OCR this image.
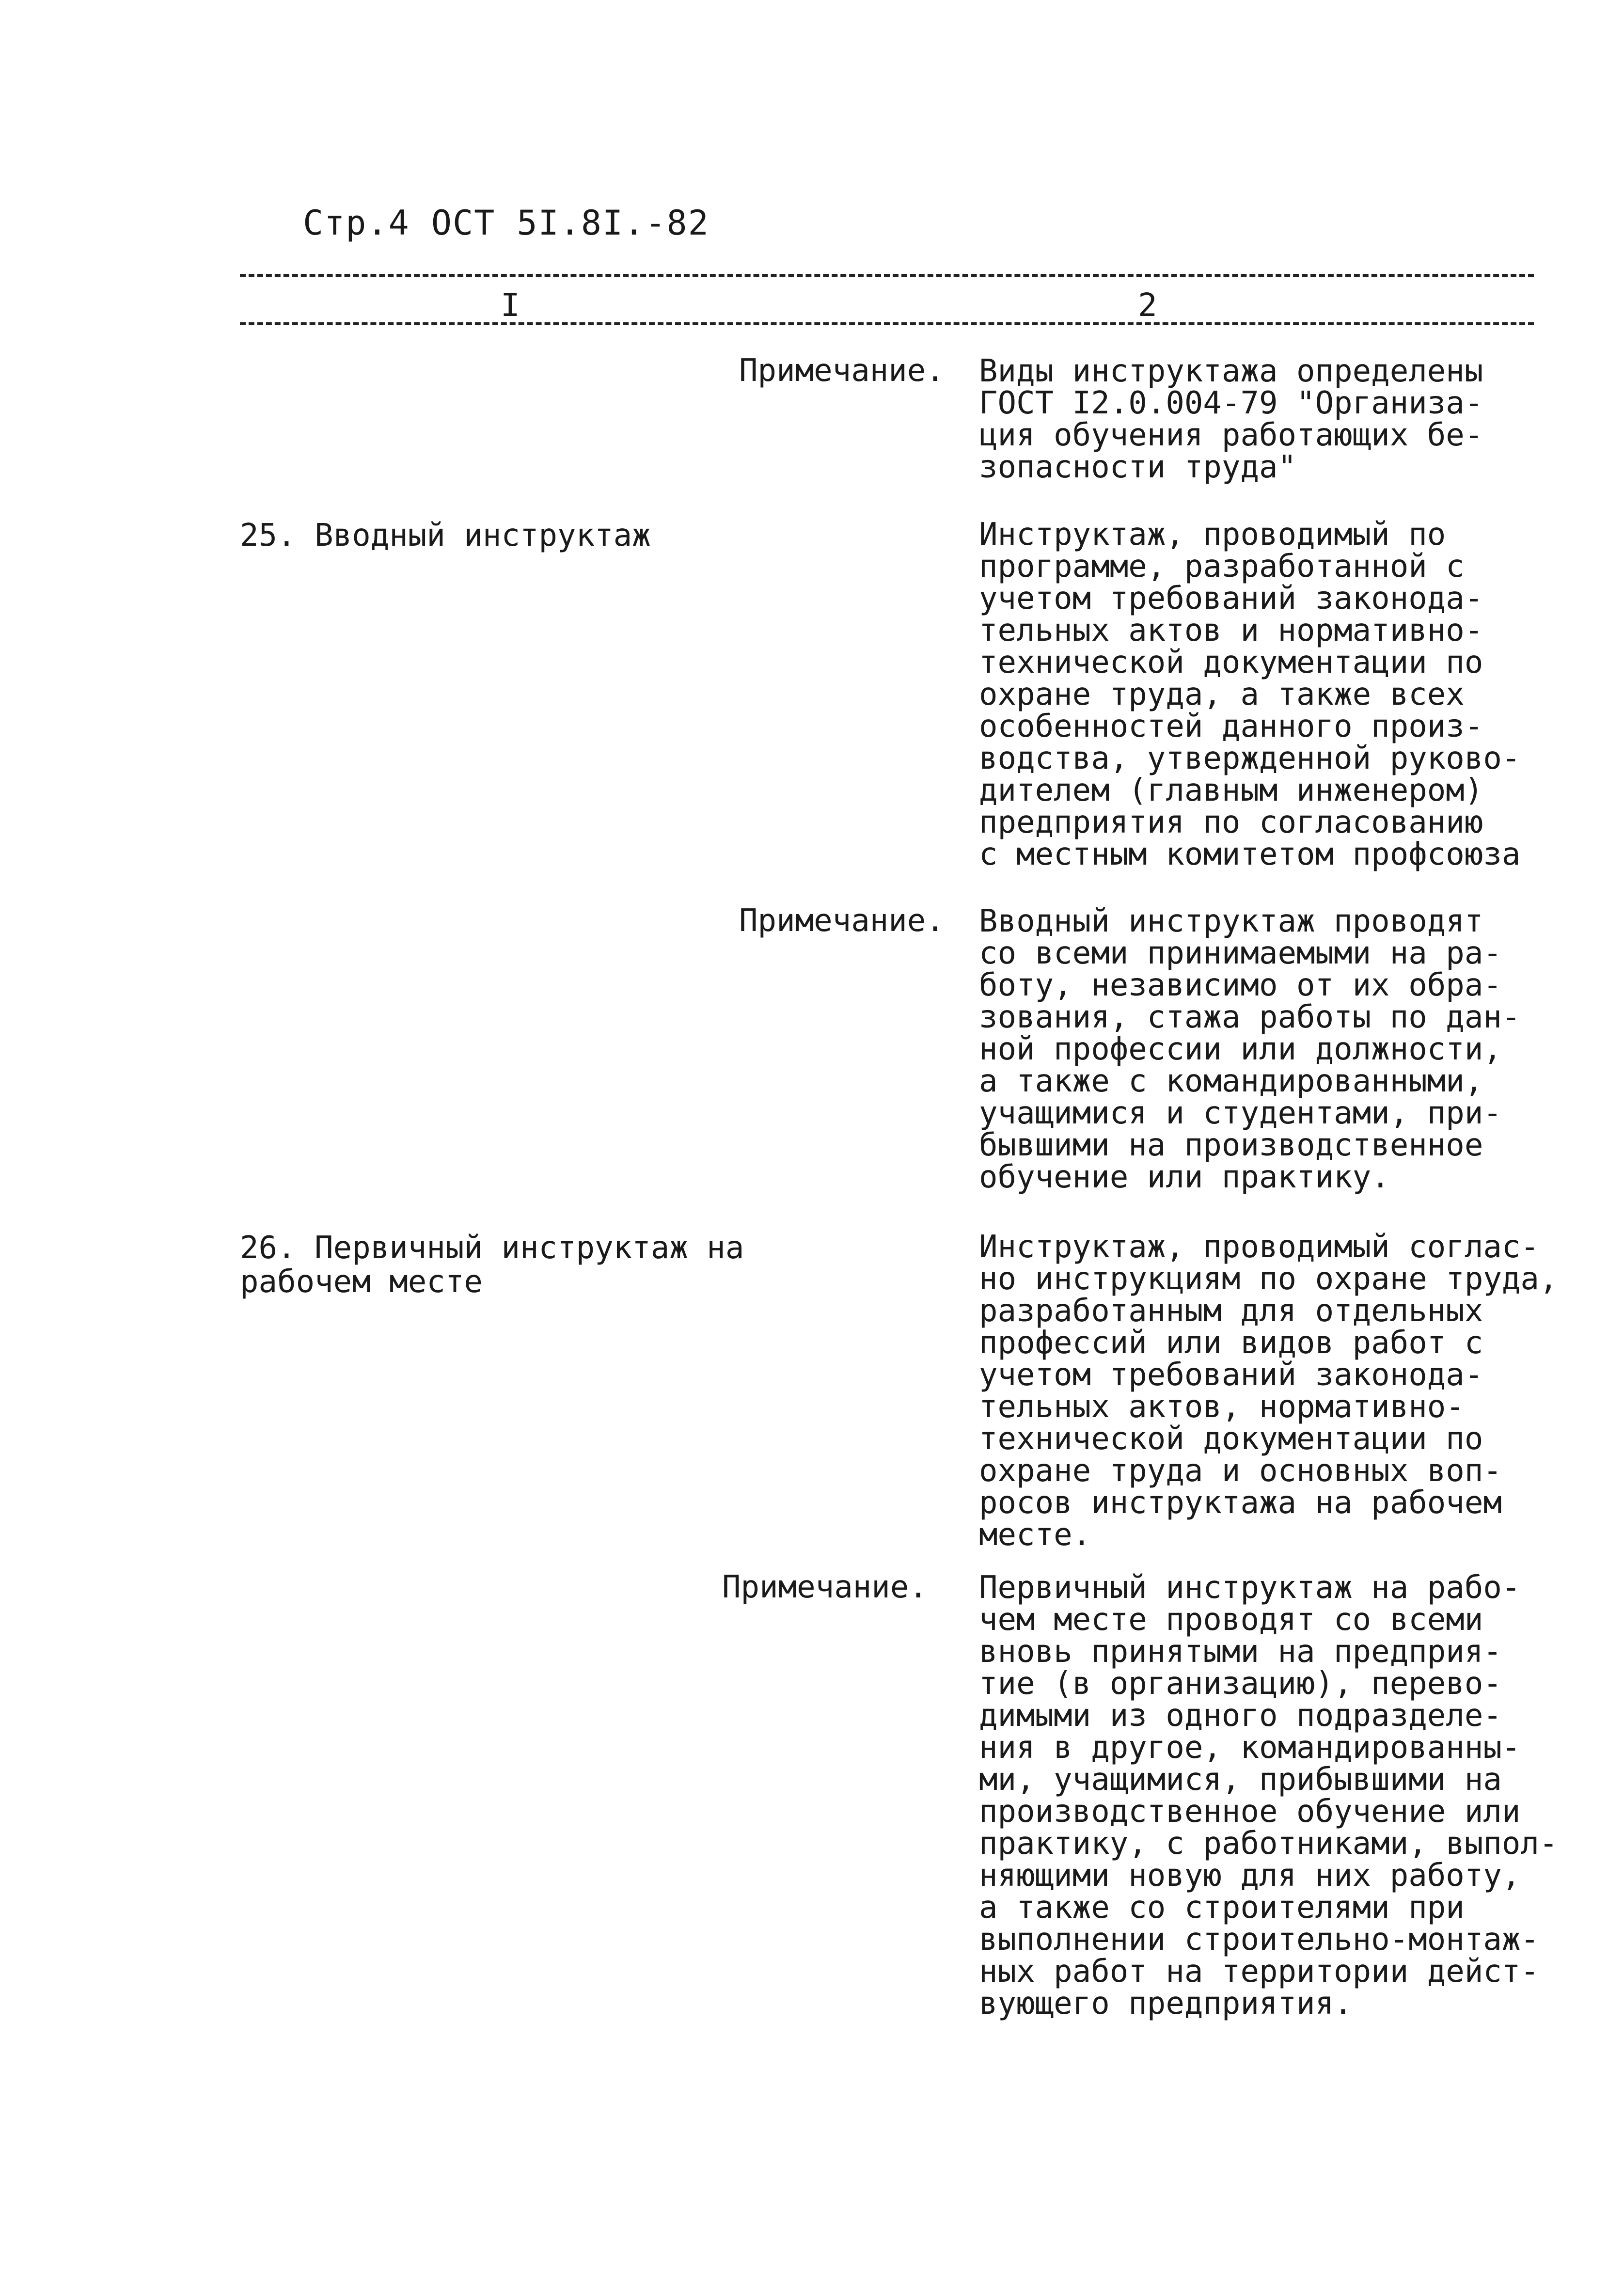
Стр.4 ОСТ 5I.8I.-82
I	2
Примечание. Виды инструктажа определены
ГОСТ I2.0.004-79 "Организа-
ция обучения работающих бе-
зопасности труда"
25. Вводный инструктаж	Инструктаж, проводимый по
программе, разработанной с
учетом требований законода-
тельных актов и нормативно-
технической документации по
охране труда, а также всех
особенностей данного произ-
водства, утвержденной руково-
дителем (главным инженером)
предприятия по согласованию
с местным комитетом профсоюза
Примечание. Вводный инструктаж проводят
со всеми принимаемыми на ра-
боту, независимо от их обра-
зования, стажа работы по дан-
ной профессии или должности,
а также с командированными,
учащимися и студентами, при-
бывшими на производственное
обучение или практику.
26. Первичный инструктаж на
рабочем месте
Инструктаж, проводимый соглас-
но инструкциям по охране труда,
разработанным для отдельных
профессий или видов работ с
учетом требований законода-
тельных актов, нормативно-
технической документации по
охране труда и основных воп-
росов инструктажа на рабочем
месте.
Примечание. Первичный инструктаж на рабо-
чем месте проводят со всеми
вновь принятыми на предприя-
тие (в организацию), перево-
димыми из одного подразделе-
ния в другое, командированны-
ми, учащимися, прибывшими на
производственное обучение или
практику, с работниками, выпол-
няющими новую для них работу,
а также со строителями при
выполнении строительно-монтаж-
ных работ на территории дейст-
вующего предприятия.
